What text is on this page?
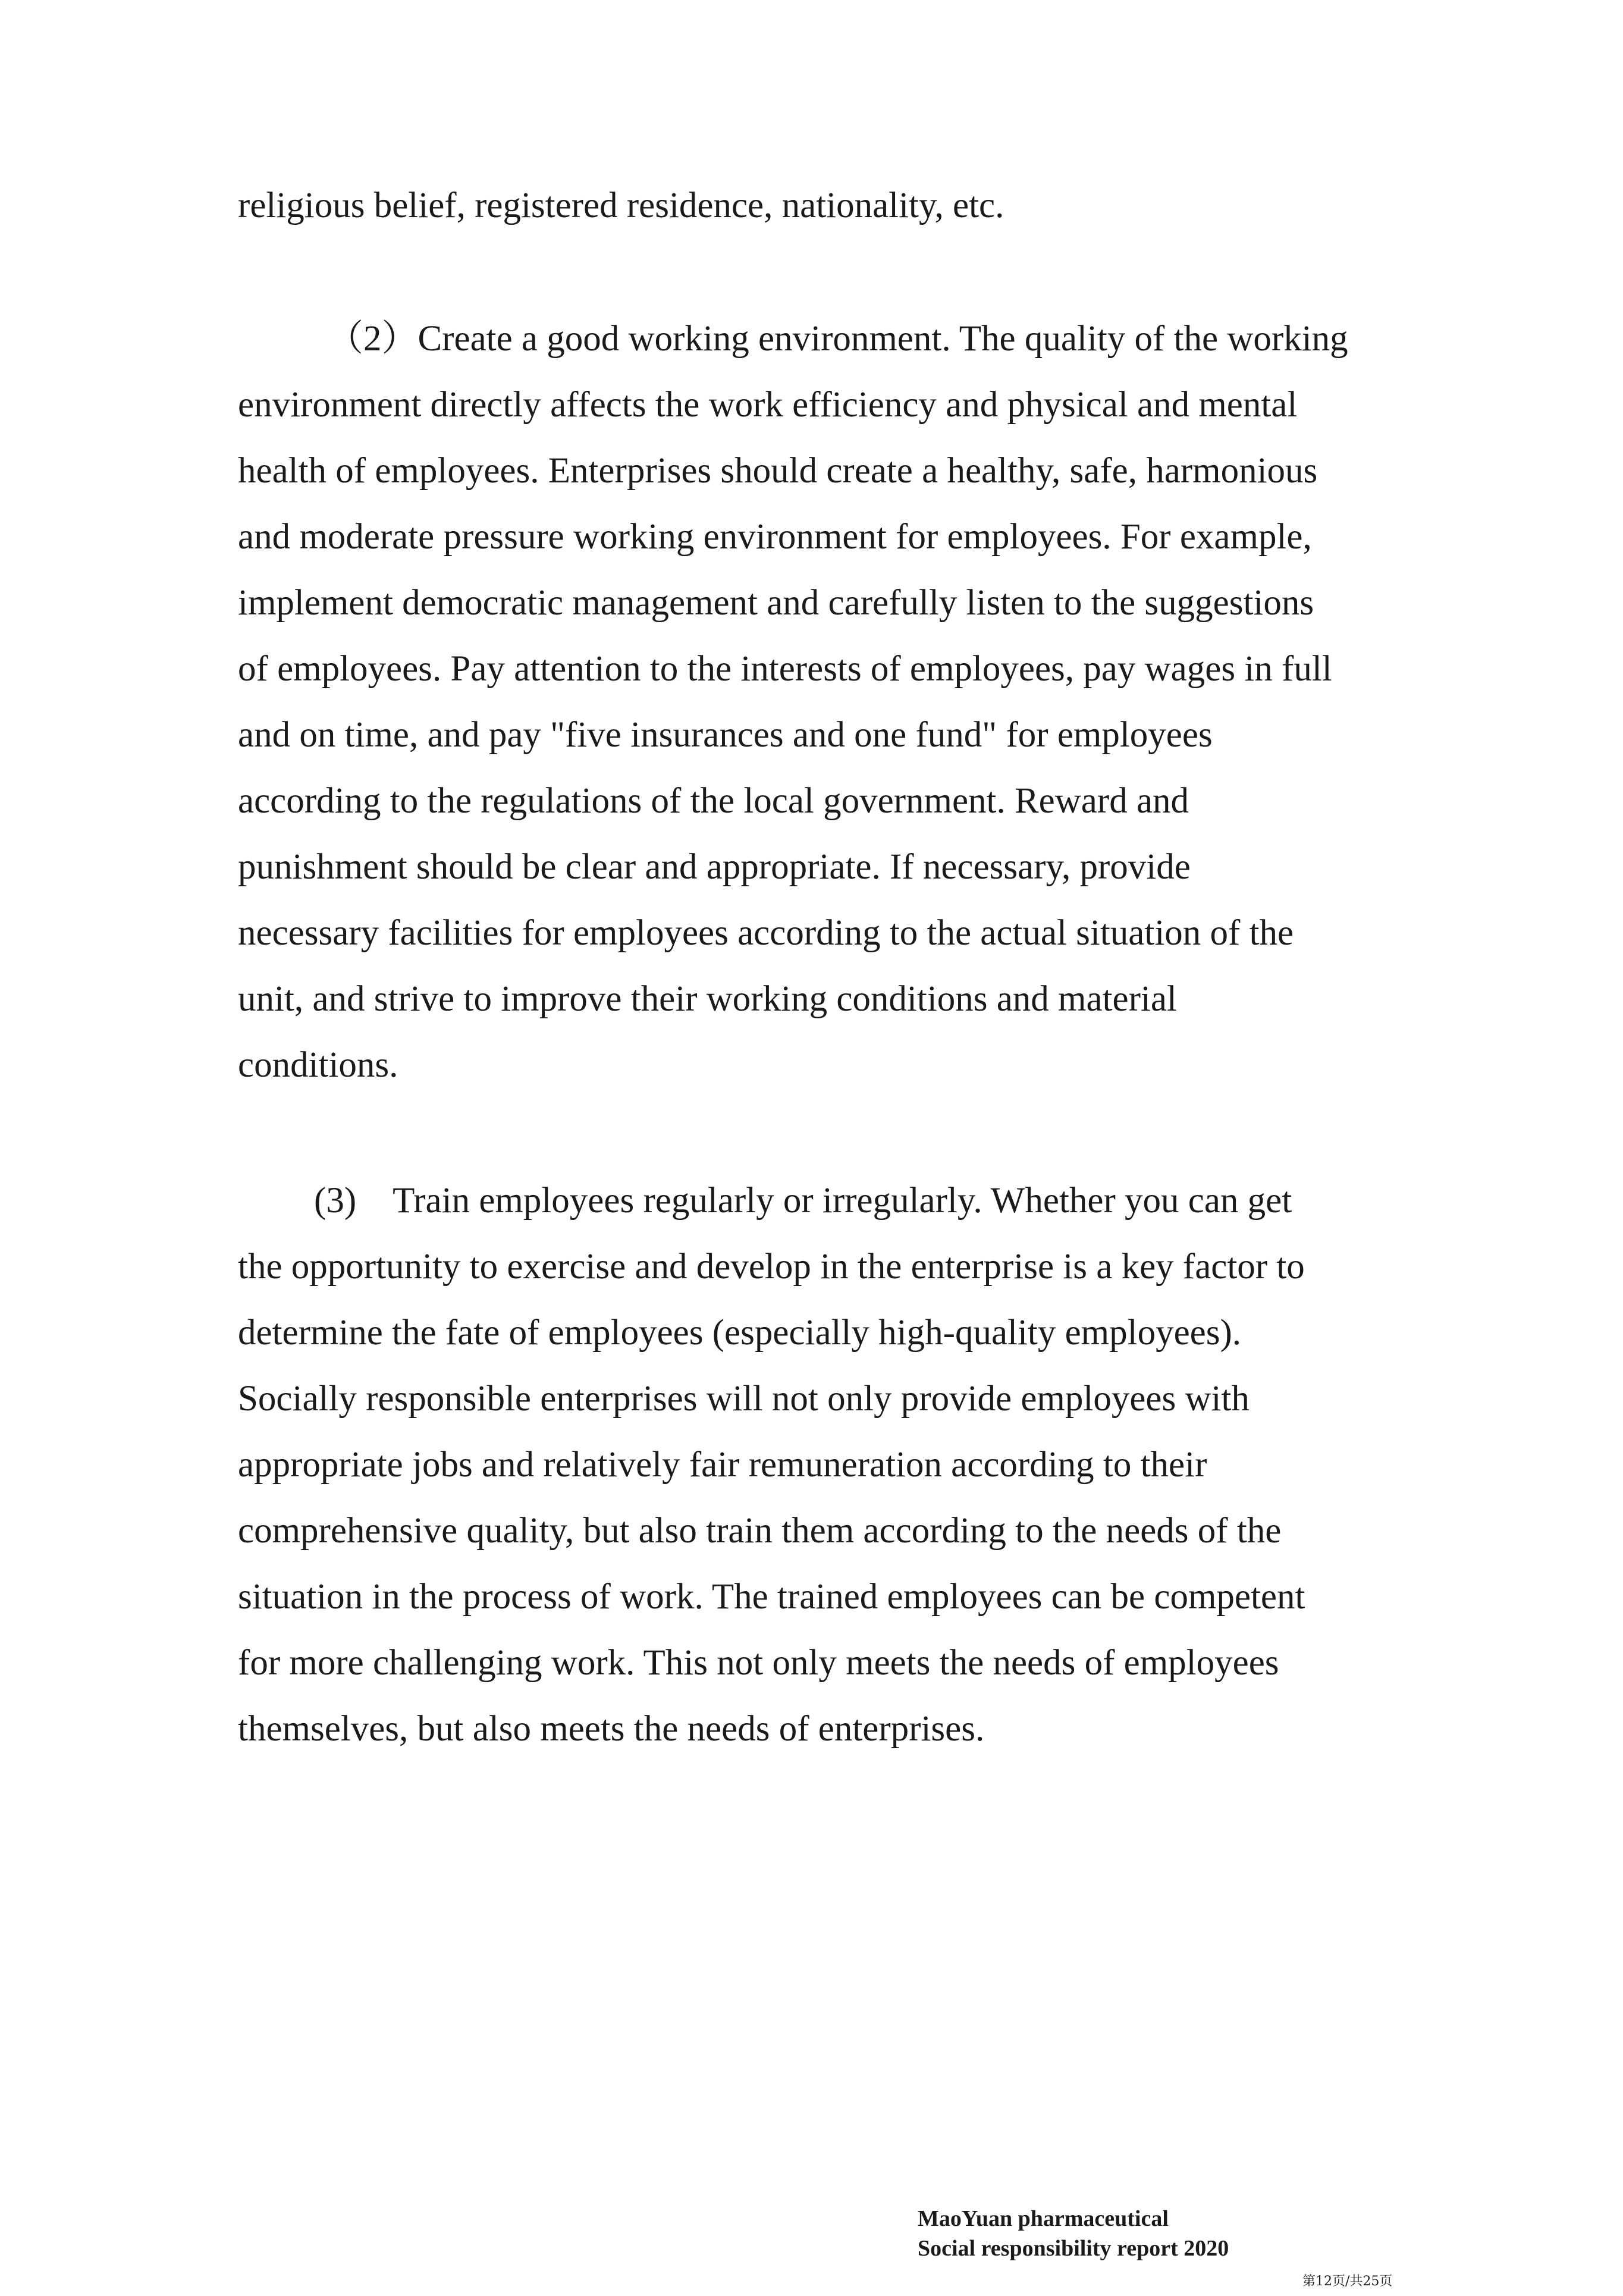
religious belief, registered residence, nationality, etc.
（2）Create a good working environment. The quality of the working
environment directly affects the work efficiency and physical and mental
health of employees. Enterprises should create a healthy, safe, harmonious
and moderate pressure working environment for employees. For example,
implement democratic management and carefully listen to the suggestions
of employees. Pay attention to the interests of employees, pay wages in full
and on time, and pay "five insurances and one fund" for employees
according to the regulations of the local government. Reward and
punishment should be clear and appropriate. If necessary, provide
necessary facilities for employees according to the actual situation of the
unit, and strive to improve their working conditions and material
conditions.
(3)　Train employees regularly or irregularly. Whether you can get
the opportunity to exercise and develop in the enterprise is a key factor to
determine the fate of employees (especially high-quality employees).
Socially responsible enterprises will not only provide employees with
appropriate jobs and relatively fair remuneration according to their
comprehensive quality, but also train them according to the needs of the
situation in the process of work. The trained employees can be competent
for more challenging work. This not only meets the needs of employees
themselves, but also meets the needs of enterprises.
MaoYuan pharmaceutical
Social responsibility report 2020
第12页/共25页
